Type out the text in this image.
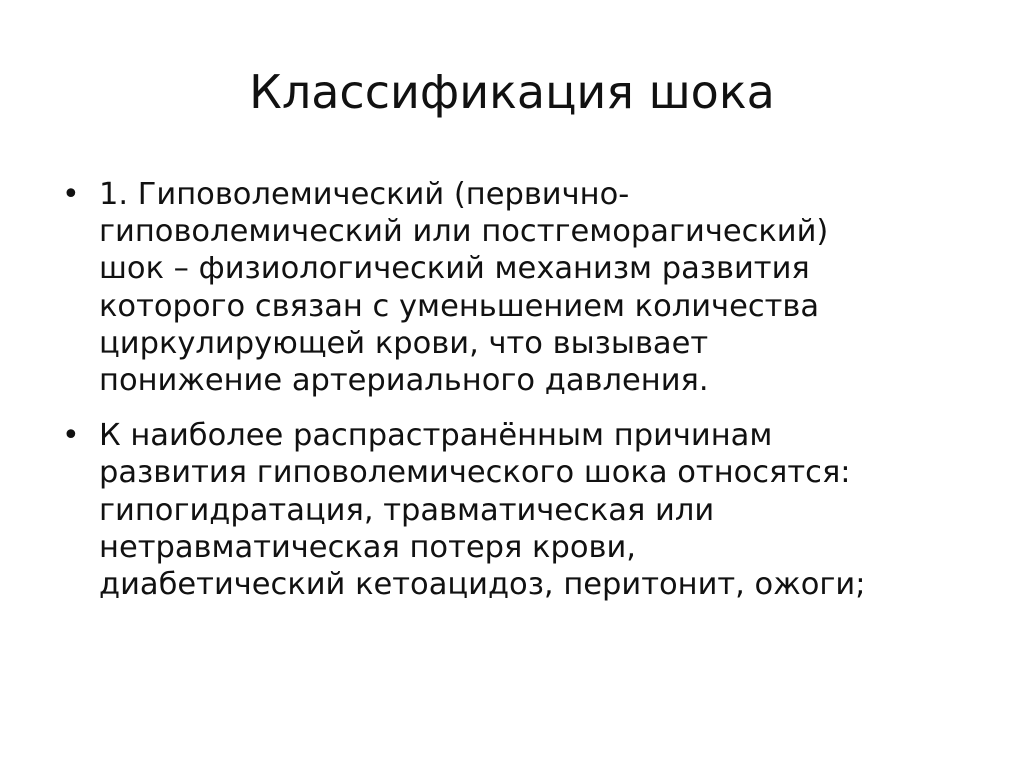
Классификация шока
• 1. Гиповолемический (первично-
гиповолемический или постгеморагический)
шок – физиологический механизм развития
которого связан с уменьшением количества
циркулирующей крови, что вызывает
понижение артериального давления.
• К наиболее распрастранённым причинам
развития гиповолемического шока относятся:
гипогидратация, травматическая или
нетравматическая потеря крови,
диабетический кетоацидоз, перитонит, ожоги;
